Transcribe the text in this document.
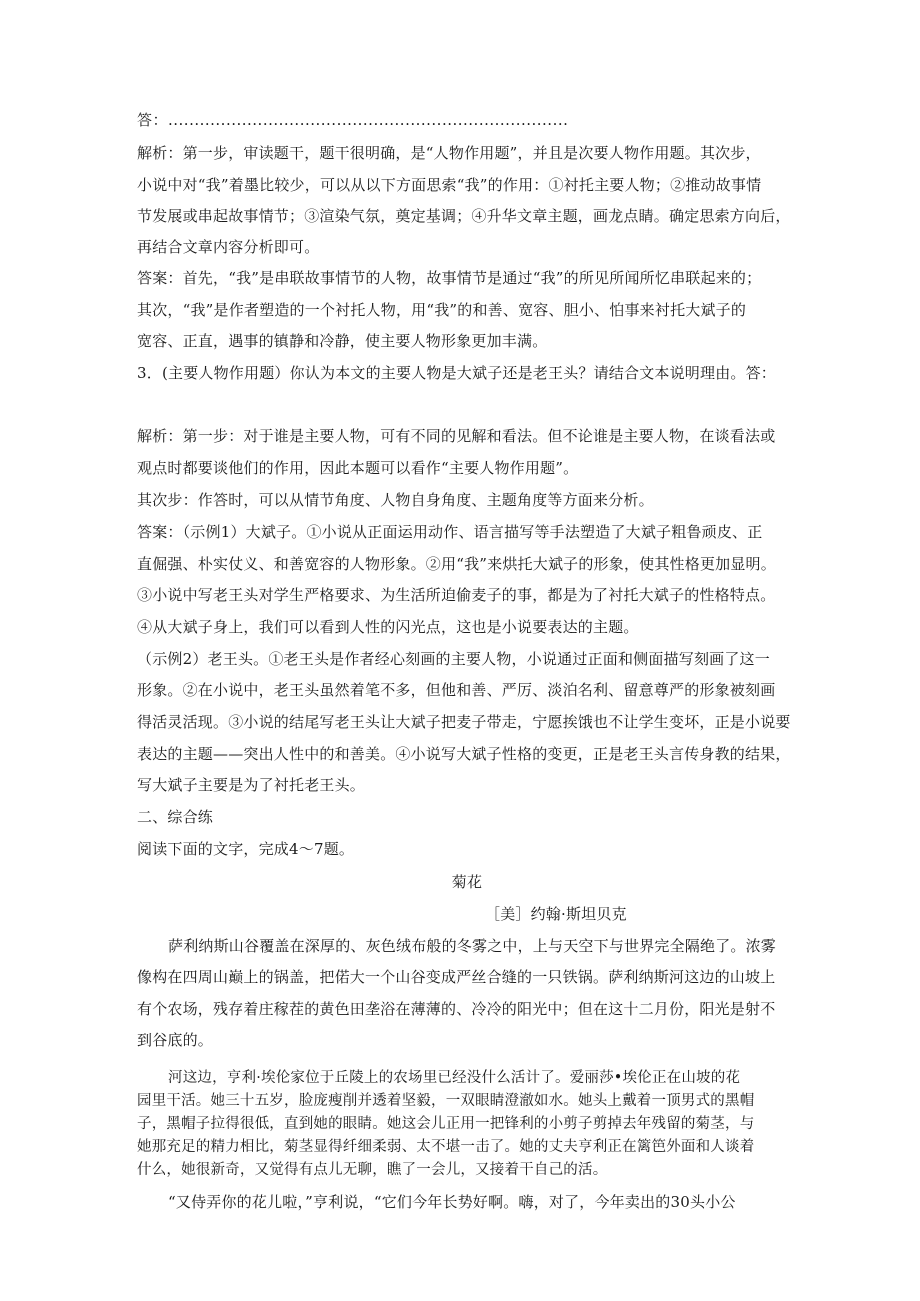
答：............................................................................
解析：第一步，审读题干，题干很明确，是“人物作用题”，并且是次要人物作用题。其次步，
小说中对“我”着墨比较少，可以从以下方面思索“我”的作用：①衬托主要人物；②推动故事情
节发展或串起故事情节；③渲染气氛，奠定基调；④升华文章主题，画龙点睛。确定思索方向后，
再结合文章内容分析即可。
答案：首先，“我”是串联故事情节的人物，故事情节是通过“我”的所见所闻所忆串联起来的；
其次，“我”是作者塑造的一个衬托人物，用“我”的和善、宽容、胆小、怕事来衬托大斌子的
宽容、正直，遇事的镇静和冷静，使主要人物形象更加丰满。
3．(主要人物作用题）你认为本文的主要人物是大斌子还是老王头？请结合文本说明理由。答：
解析：第一步：对于谁是主要人物，可有不同的见解和看法。但不论谁是主要人物，在谈看法或
观点时都要谈他们的作用，因此本题可以看作“主要人物作用题”。
其次步：作答时，可以从情节角度、人物自身角度、主题角度等方面来分析。
答案：（示例1）大斌子。①小说从正面运用动作、语言描写等手法塑造了大斌子粗鲁顽皮、正
直倔强、朴实仗义、和善宽容的人物形象。②用“我”来烘托大斌子的形象，使其性格更加显明。
③小说中写老王头对学生严格要求、为生活所迫偷麦子的事，都是为了衬托大斌子的性格特点。
④从大斌子身上，我们可以看到人性的闪光点，这也是小说要表达的主题。
（示例2）老王头。①老王头是作者经心刻画的主要人物，小说通过正面和侧面描写刻画了这一
形象。②在小说中，老王头虽然着笔不多，但他和善、严厉、淡泊名利、留意尊严的形象被刻画
得活灵活现。③小说的结尾写老王头让大斌子把麦子带走，宁愿挨饿也不让学生变坏，正是小说要
表达的主题——突出人性中的和善美。④小说写大斌子性格的变更，正是老王头言传身教的结果，
写大斌子主要是为了衬托老王头。
二、综合练
阅读下面的文字，完成4～7题。
菊花
［美］约翰·斯坦贝克
萨利纳斯山谷覆盖在深厚的、灰色绒布般的冬雾之中，上与天空下与世界完全隔绝了。浓雾
像构在四周山巅上的锅盖，把偌大一个山谷变成严丝合缝的一只铁锅。萨利纳斯河这边的山坡上
有个农场，残存着庄稼茬的黄色田垄浴在薄薄的、冷冷的阳光中；但在这十二月份，阳光是射不
到谷底的。
河这边，亨利·埃伦家位于丘陵上的农场里已经没什么活计了。爱丽莎•埃伦正在山坡的花
园里干活。她三十五岁，脸庞瘦削并透着坚毅，一双眼睛澄澈如水。她头上戴着一顶男式的黑帽
子，黑帽子拉得很低，直到她的眼睛。她这会儿正用一把锋利的小剪子剪掉去年残留的菊茎，与
她那充足的精力相比，菊茎显得纤细柔弱、太不堪一击了。她的丈夫亨利正在篱笆外面和人谈着
什么，她很新奇，又觉得有点儿无聊，瞧了一会儿，又接着干自己的活。
“又侍弄你的花儿啦，”亨利说，“它们今年长势好啊。嗨，对了，今年卖出的30头小公
